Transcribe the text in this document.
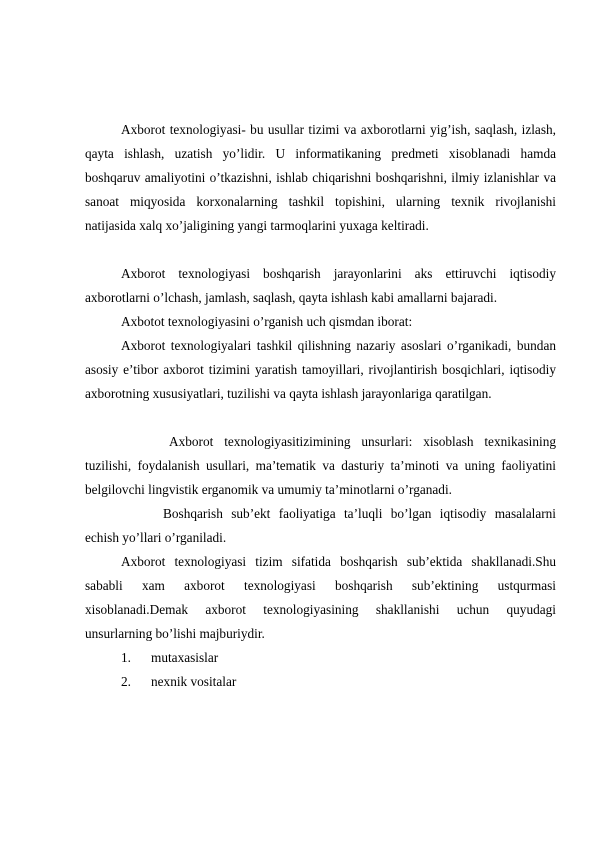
Axborot texnologiyasi- bu usullar tizimi va axborotlarni yig’ish, saqlash, izlash, qayta ishlash, uzatish yo’lidir. U informatikaning predmeti xisoblanadi hamda boshqaruv amaliyotini o’tkazishni, ishlab chiqarishni boshqarishni, ilmiy izlanishlar va sanoat miqyosida korxonalarning tashkil topishini, ularning texnik rivojlanishi natijasida xalq xo’jaligining yangi tarmoqlarini yuxaga keltiradi.

Axborot texnologiyasi boshqarish jarayonlarini aks ettiruvchi iqtisodiy axborotlarni o’lchash, jamlash, saqlash, qayta ishlash kabi amallarni bajaradi.

Axbotot texnologiyasini o’rganish uch qismdan iborat:

Axborot texnologiyalari tashkil qilishning nazariy asoslari o’rganikadi, bundan asosiy e’tibor axborot tizimini yaratish tamoyillari, rivojlantirish bosqichlari, iqtisodiy axborotning xususiyatlari, tuzilishi va qayta ishlash jarayonlariga qaratilgan.

Axborot texnologiyasitizimining unsurlari: xisoblash texnikasining tuzilishi, foydalanish usullari, ma’tematik va dasturiy ta’minoti va uning faoliyatini belgilovchi lingvistik erganomik va umumiy ta’minotlarni o’rganadi.

Boshqarish sub’ekt faoliyatiga ta’luqli bo’lgan iqtisodiy masalalarni echish yo’llari o’rganiladi.

Axborot texnologiyasi tizim sifatida boshqarish sub’ektida shakllanadi.Shu sababli xam axborot texnologiyasi boshqarish sub’ektining ustqurmasi xisoblanadi.Demak axborot texnologiyasining shakllanishi uchun quyudagi unsurlarning bo’lishi majburiydir.

1. mutaxasislar
2. nexnik vositalar
